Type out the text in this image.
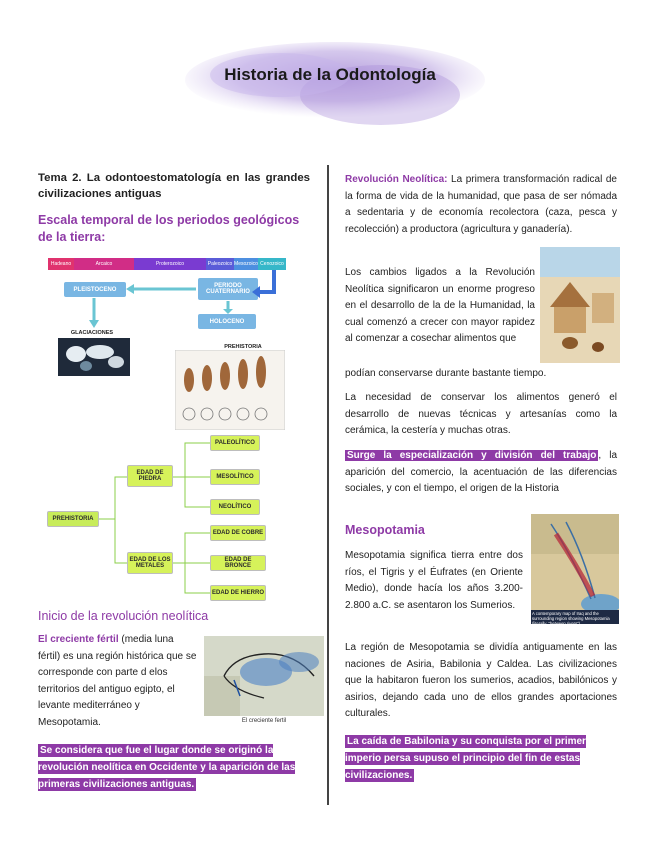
Historia de la Odontología

Tema 2. La odontoestomatología en las grandes civilizaciones antiguas

Escala temporal de los periodos geológicos de la tierra:

Hadeano	Arcaico	Proterozoico	Paleozoico Mesozoico Cenozoico
PLEISTOCENO
PERIODO CUATERNARIO
HOLOCENO
GLACIACIONES
PREHISTORIA
PREHISTORIA
EDAD DE PIEDRA
EDAD DE LOS METALES
PALEOLÍTICO
MESOLÍTICO
NEOLÍTICO
EDAD DE COBRE
EDAD DE BRONCE
EDAD DE HIERRO

Inicio de la revolución neolítica

El creciente fértil (media luna fértil) es una región histórica que se corresponde con parte d elos territorios del antiguo egipto, el levante mediterráneo y Mesopotamia.	El creciente fertil

Se considera que fue el lugar donde se originó la revolución neolítica en Occidente y la aparición de las primeras civilizaciones antiguas.

Revolución Neolítica: La primera transformación radical de la forma de vida de la humanidad, que pasa de ser nómada a sedentaria y de economía recolectora (caza, pesca y recolección) a productora (agricultura y ganadería).

Los cambios ligados a la Revolución Neolítica significaron un enorme progreso en el desarrollo de la de la Humanidad, la cual comenzó a crecer con mayor rapidez al comenzar a cosechar alimentos que

podían conservarse durante bastante tiempo.

La necesidad de conservar los alimentos generó el desarrollo de nuevas técnicas y artesanías como la cerámica, la cestería y muchas otras.

Surge la especialización y división del trabajo , la aparición del comercio, la acentuación de las diferencias sociales, y con el tiempo, el origen de la Historia

Mesopotamia

Mesopotamia significa tierra entre dos ríos, el Tigris y el Éufrates (en Oriente Medio), donde hacía los años 3.200-2.800 a.C. se asentaron los Sumerios.

A contemporary map of Iraq and the surrounding region showing Mesopotamia (literally, "between rivers")

La región de Mesopotamia se dividía antiguamente en las naciones de Asiria, Babilonia y Caldea. Las civilizaciones que la habitaron fueron los sumerios, acadios, babilónicos y asirios, dejando cada uno de ellos grandes aportaciones culturales.

La caída de Babilonia y su conquista por el primer imperio persa supuso el principio del fin de estas civilizaciones.
